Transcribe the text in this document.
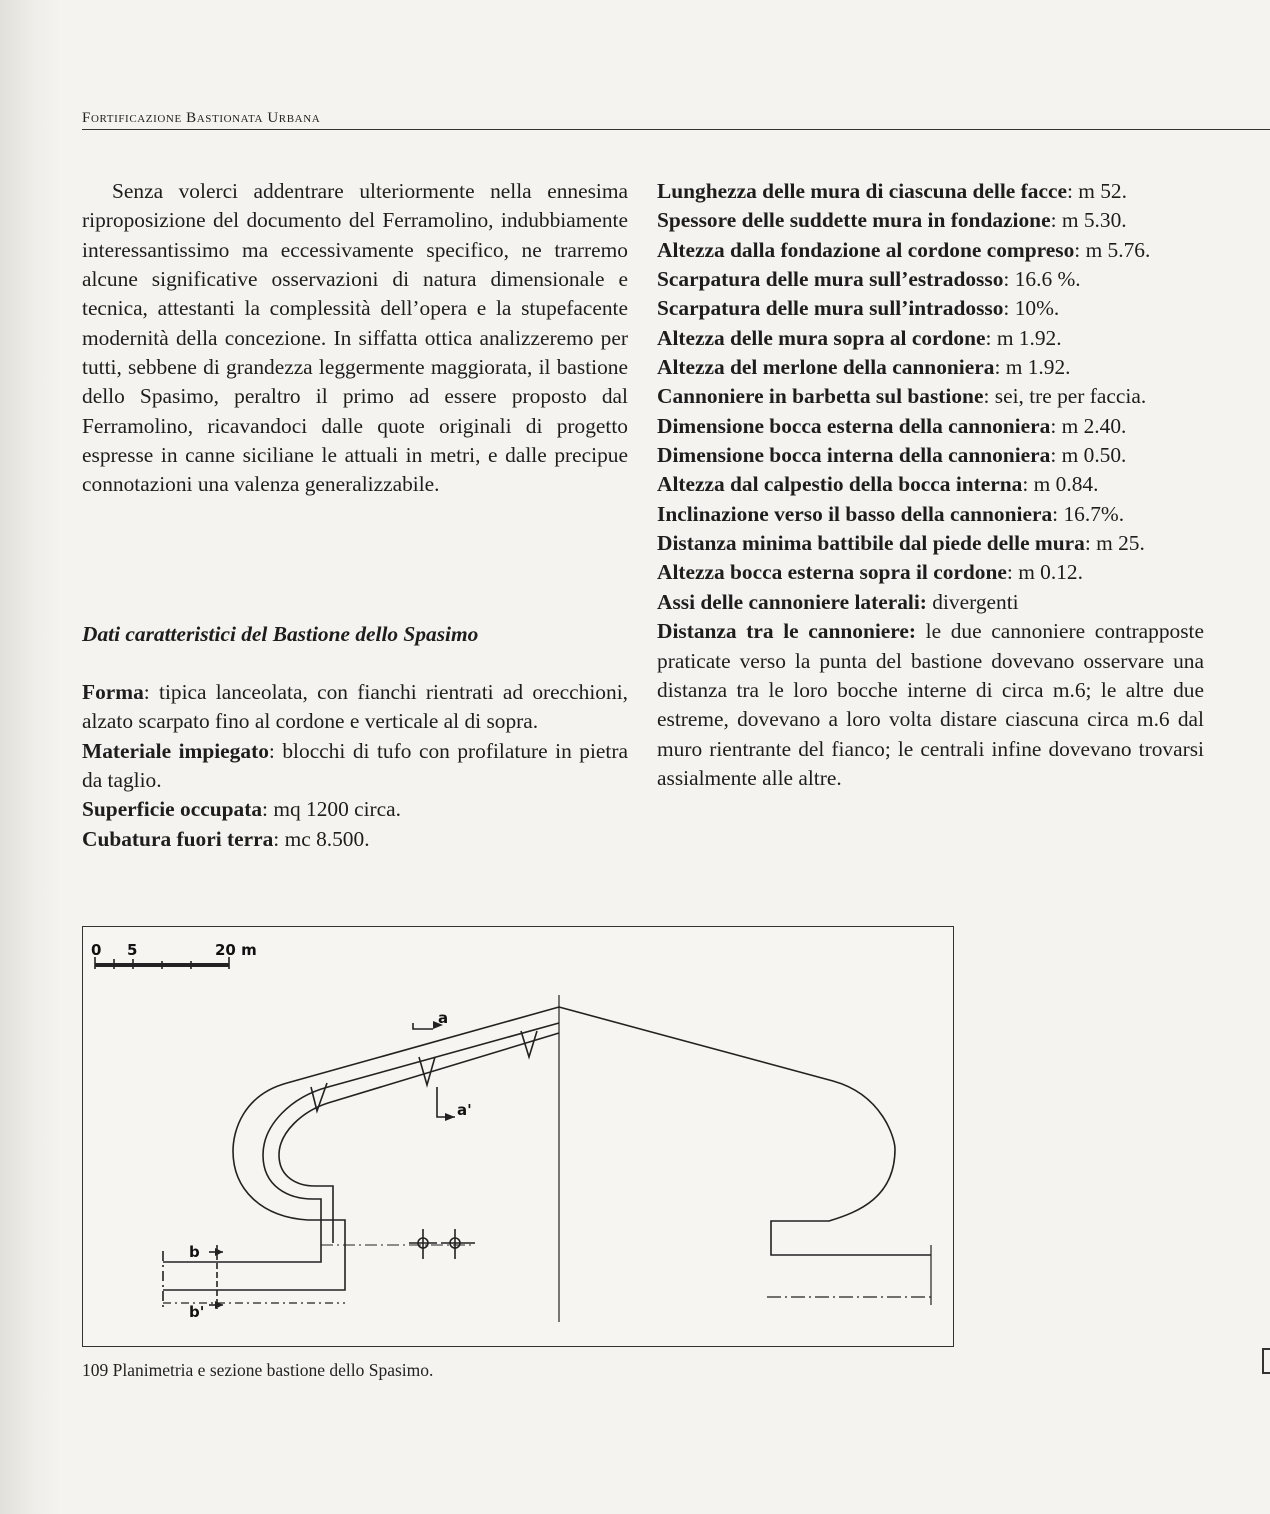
Fortificazione Bastionata Urbana

Senza volerci addentrare ulteriormente nella ennesima riproposizione del documento del Ferramolino, indubbiamente interessantissimo ma eccessivamente specifico, ne trarremo alcune significative osservazioni di natura dimensionale e tecnica, attestanti la complessità dell’opera e la stupefacente modernità della concezione. In siffatta ottica analizzeremo per tutti, sebbene di grandezza leggermente maggiorata, il bastione dello Spasimo, peraltro il primo ad essere proposto dal Ferramolino, ricavandoci dalle quote originali di progetto espresse in canne siciliane le attuali in metri, e dalle precipue connotazioni una valenza generalizzabile.

Dati caratteristici del Bastione dello Spasimo

Forma: tipica lanceolata, con fianchi rientrati ad orecchioni, alzato scarpato fino al cordone e verticale al di sopra.

Materiale impiegato: blocchi di tufo con profilature in pietra da taglio.

Superficie occupata: mq 1200 circa.

Cubatura fuori terra: mc 8.500.

Lunghezza delle mura di ciascuna delle facce: m 52.

Spessore delle suddette mura in fondazione: m 5.30.

Altezza dalla fondazione al cordone compreso: m 5.76.

Scarpatura delle mura sull’estradosso: 16.6 %.

Scarpatura delle mura sull’intradosso: 10%.

Altezza delle mura sopra al cordone: m 1.92.

Altezza del merlone della cannoniera: m 1.92.

Cannoniere in barbetta sul bastione: sei, tre per faccia.

Dimensione bocca esterna della cannoniera: m 2.40.

Dimensione bocca interna della cannoniera: m 0.50.

Altezza dal calpestio della bocca interna: m 0.84.

Inclinazione verso il basso della cannoniera: 16.7%.

Distanza minima battibile dal piede delle mura: m 25.

Altezza bocca esterna sopra il cordone: m 0.12.

Assi delle cannoniere laterali: divergenti

Distanza tra le cannoniere: le due cannoniere contrapposte praticate verso la punta del bastione dovevano osservare una distanza tra le loro bocche interne di circa m.6; le altre due estreme, dovevano a loro volta distare ciascuna circa m.6 dal muro rientrante del fianco; le centrali infine dovevano trovarsi assialmente alle altre.

0 5	20 m
a
a'
b
b'
109 Planimetria e sezione bastione dello Spasimo.
